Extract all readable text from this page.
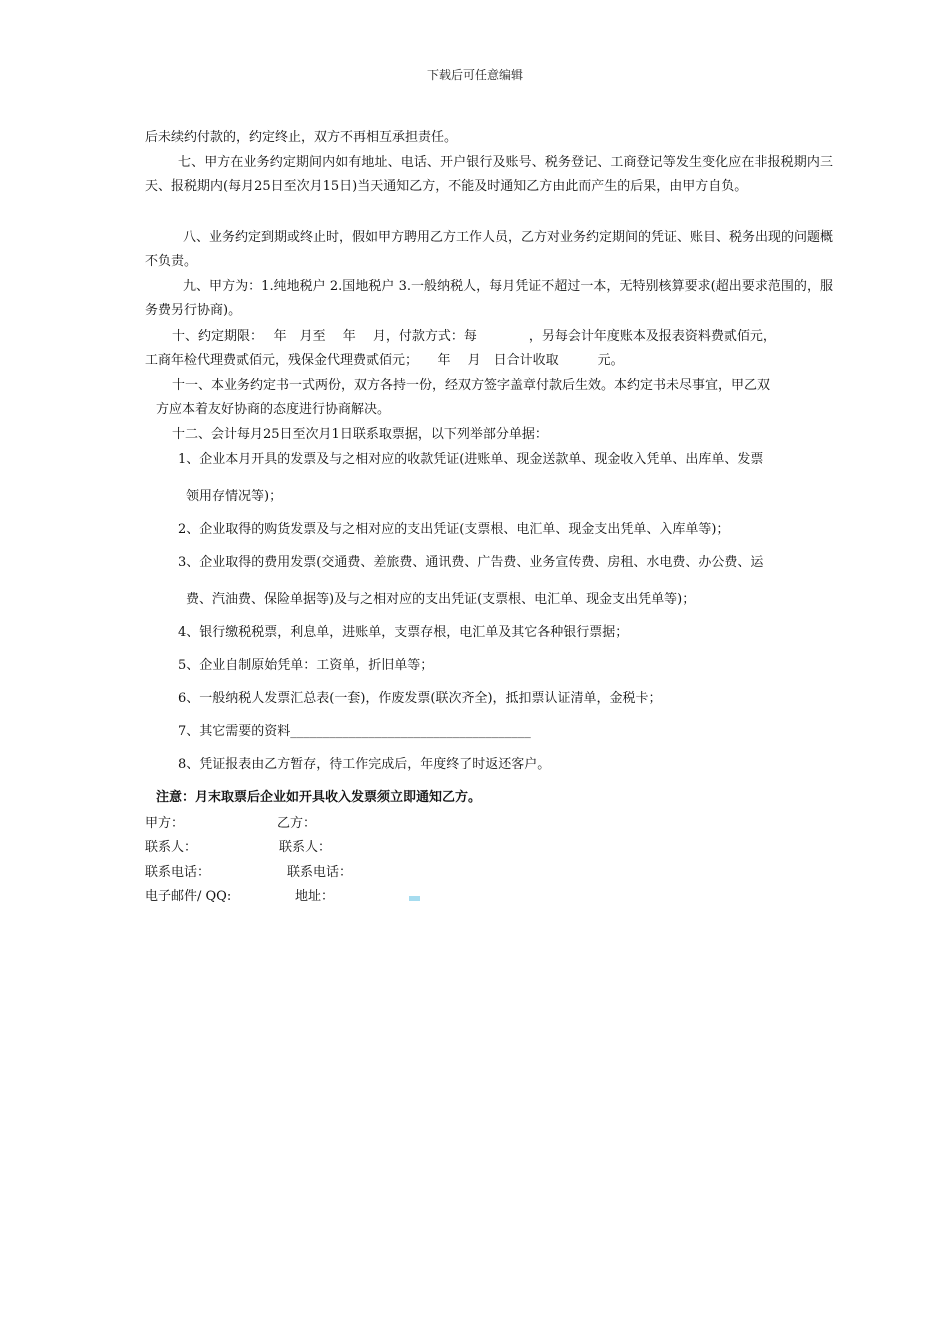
下载后可任意编辑
后未续约付款的，约定终止，双方不再相互承担责任。
七、甲方在业务约定期间内如有地址、电话、开户银行及账号、税务登记、工商登记等发生变化应在非报税期内三天、报税期内(每月25日至次月15日)当天通知乙方，不能及时通知乙方由此而产生的后果，由甲方自负。
八、业务约定到期或终止时，假如甲方聘用乙方工作人员，乙方对业务约定期间的凭证、账目、税务出现的问题概不负责。
九、甲方为：1.纯地税户 2.国地税户 3.一般纳税人，每月凭证不超过一本，无特别核算要求(超出要求范围的，服务费另行协商)。
十、约定期限：　 年　月至　 年　 月，付款方式：每　　　　，另每会计年度账本及报表资料费贰佰元，
工商年检代理费贰佰元，残保金代理费贰佰元；　　年　 月　日合计收取　　　元。
十一、本业务约定书一式两份，双方各持一份，经双方签字盖章付款后生效。本约定书未尽事宜，甲乙双
方应本着友好协商的态度进行协商解决。
十二、会计每月25日至次月1日联系取票据，以下列举部分单据：
1、企业本月开具的发票及与之相对应的收款凭证(进账单、现金送款单、现金收入凭单、出库单、发票
领用存情况等)；
2、企业取得的购货发票及与之相对应的支出凭证(支票根、电汇单、现金支出凭单、入库单等)；
3、企业取得的费用发票(交通费、差旅费、通讯费、广告费、业务宣传费、房租、水电费、办公费、运
费、汽油费、保险单据等)及与之相对应的支出凭证(支票根、电汇单、现金支出凭单等)；
4、银行缴税税票，利息单，进账单，支票存根，电汇单及其它各种银行票据；
5、企业自制原始凭单：工资单，折旧单等；
6、一般纳税人发票汇总表(一套)，作废发票(联次齐全)，抵扣票认证清单，金税卡；
7、其它需要的资料_____________________________________
8、凭证报表由乙方暂存，待工作完成后，年度终了时返还客户。
注意：月末取票后企业如开具收入发票须立即通知乙方。
甲方：	乙方：
联系人：	联系人：
联系电话：	联系电话：
电子邮件/ QQ:	地址：
